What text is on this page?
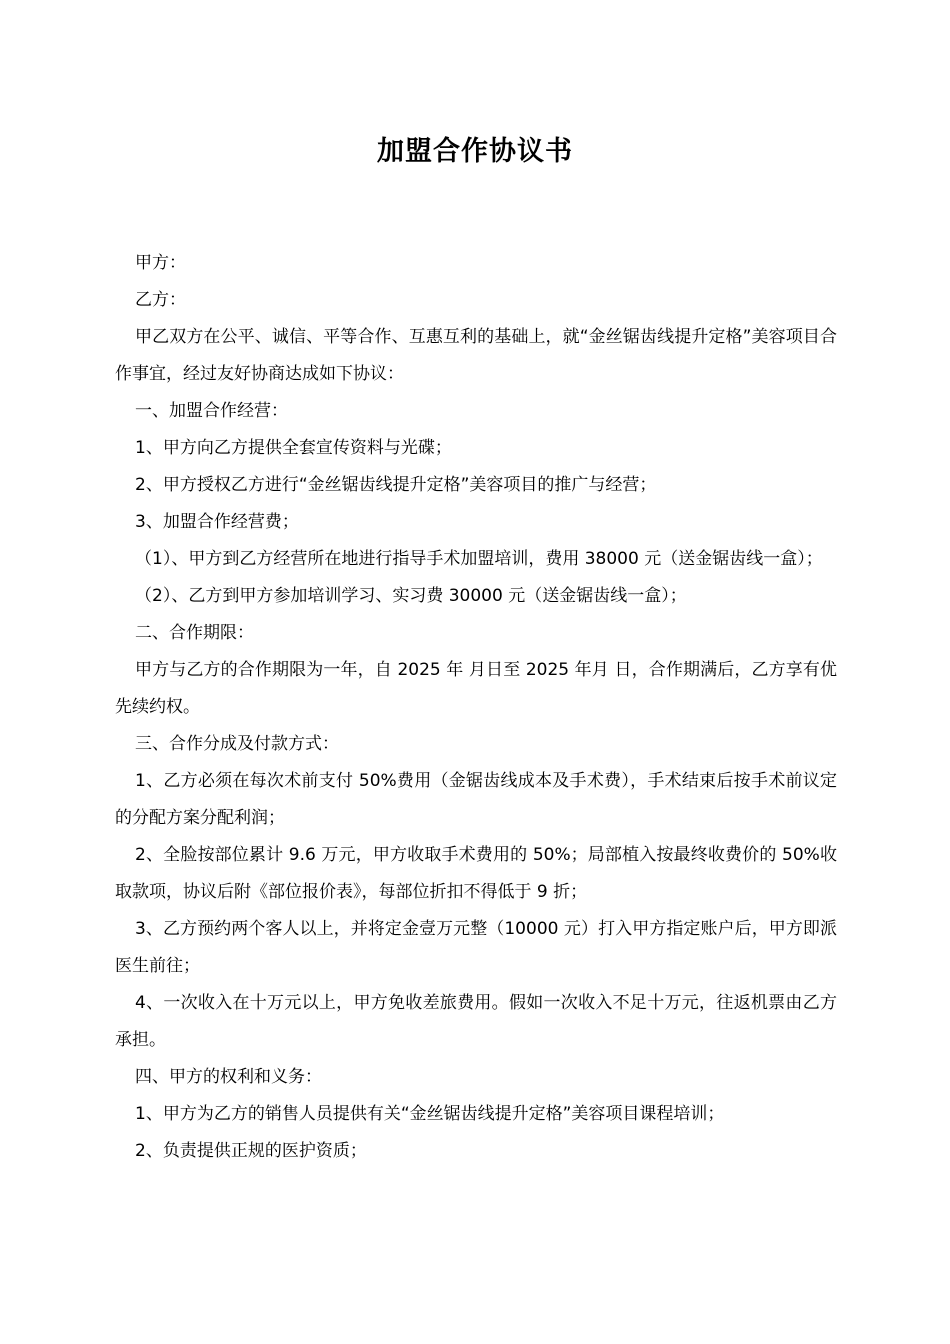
加盟合作协议书

甲方：

乙方：

甲乙双方在公平、诚信、平等合作、互惠互利的基础上，就“金丝锯齿线提升定格”美容项目合作事宜，经过友好协商达成如下协议：

一、加盟合作经营：

1、甲方向乙方提供全套宣传资料与光碟；

2、甲方授权乙方进行“金丝锯齿线提升定格”美容项目的推广与经营；

3、加盟合作经营费；

（1）、甲方到乙方经营所在地进行指导手术加盟培训，费用 38000 元（送金锯齿线一盒）；

（2）、乙方到甲方参加培训学习、实习费 30000 元（送金锯齿线一盒）；

二、合作期限：

甲方与乙方的合作期限为一年，自 2025 年 月日至 2025 年月 日，合作期满后，乙方享有优先续约权。

三、合作分成及付款方式：

1、乙方必须在每次术前支付 50%费用（金锯齿线成本及手术费），手术结束后按手术前议定的分配方案分配利润；

2、全脸按部位累计 9.6 万元，甲方收取手术费用的 50%；局部植入按最终收费价的 50%收取款项，协议后附《部位报价表》，每部位折扣不得低于 9 折；

3、乙方预约两个客人以上，并将定金壹万元整（10000 元）打入甲方指定账户后，甲方即派医生前往；

4、一次收入在十万元以上，甲方免收差旅费用。假如一次收入不足十万元，往返机票由乙方承担。

四、甲方的权利和义务：

1、甲方为乙方的销售人员提供有关“金丝锯齿线提升定格”美容项目课程培训；

2、负责提供正规的医护资质；
